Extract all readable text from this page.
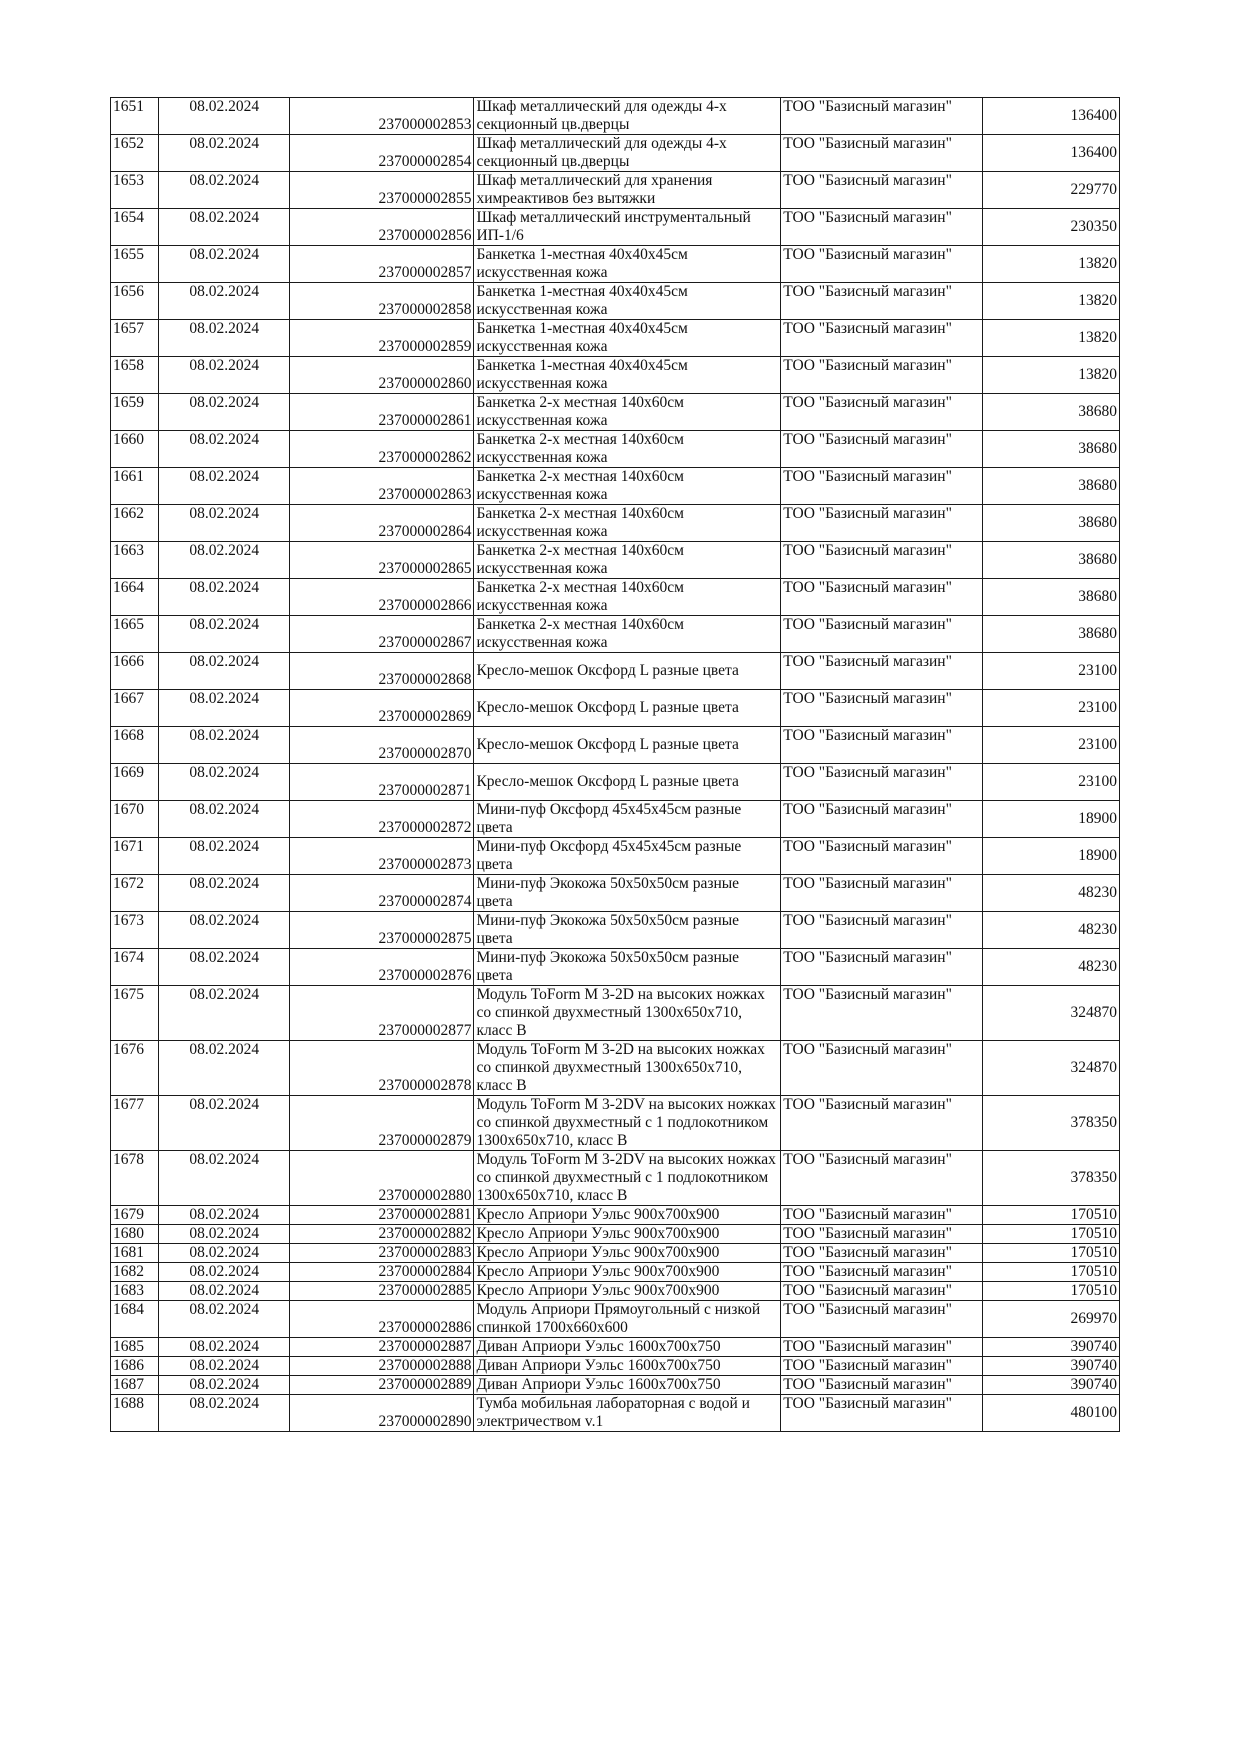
1651	08.02.2024	237000002853	Шкаф металлический для одежды 4-х секционный цв.дверцы	ТОО "Базисный магазин"	136400
1652	08.02.2024	237000002854	Шкаф металлический для одежды 4-х секционный цв.дверцы	ТОО "Базисный магазин"	136400
1653	08.02.2024	237000002855	Шкаф металлический для хранения химреактивов без вытяжки	ТОО "Базисный магазин"	229770
1654	08.02.2024	237000002856	Шкаф металлический инструментальный ИП-1/6	ТОО "Базисный магазин"	230350
1655	08.02.2024	237000002857	Банкетка 1-местная 40х40х45см искусственная кожа	ТОО "Базисный магазин"	13820
1656	08.02.2024	237000002858	Банкетка 1-местная 40х40х45см искусственная кожа	ТОО "Базисный магазин"	13820
1657	08.02.2024	237000002859	Банкетка 1-местная 40х40х45см искусственная кожа	ТОО "Базисный магазин"	13820
1658	08.02.2024	237000002860	Банкетка 1-местная 40х40х45см искусственная кожа	ТОО "Базисный магазин"	13820
1659	08.02.2024	237000002861	Банкетка 2-х местная 140х60см искусственная кожа	ТОО "Базисный магазин"	38680
1660	08.02.2024	237000002862	Банкетка 2-х местная 140х60см искусственная кожа	ТОО "Базисный магазин"	38680
1661	08.02.2024	237000002863	Банкетка 2-х местная 140х60см искусственная кожа	ТОО "Базисный магазин"	38680
1662	08.02.2024	237000002864	Банкетка 2-х местная 140х60см искусственная кожа	ТОО "Базисный магазин"	38680
1663	08.02.2024	237000002865	Банкетка 2-х местная 140х60см искусственная кожа	ТОО "Базисный магазин"	38680
1664	08.02.2024	237000002866	Банкетка 2-х местная 140х60см искусственная кожа	ТОО "Базисный магазин"	38680
1665	08.02.2024	237000002867	Банкетка 2-х местная 140х60см искусственная кожа	ТОО "Базисный магазин"	38680
1666	08.02.2024	237000002868	Кресло-мешок Оксфорд L разные цвета	ТОО "Базисный магазин"	23100
1667	08.02.2024	237000002869	Кресло-мешок Оксфорд L разные цвета	ТОО "Базисный магазин"	23100
1668	08.02.2024	237000002870	Кресло-мешок Оксфорд L разные цвета	ТОО "Базисный магазин"	23100
1669	08.02.2024	237000002871	Кресло-мешок Оксфорд L разные цвета	ТОО "Базисный магазин"	23100
1670	08.02.2024	237000002872	Мини-пуф Оксфорд 45х45х45см разные цвета	ТОО "Базисный магазин"	18900
1671	08.02.2024	237000002873	Мини-пуф Оксфорд 45х45х45см разные цвета	ТОО "Базисный магазин"	18900
1672	08.02.2024	237000002874	Мини-пуф Экокожа 50х50х50см разные цвета	ТОО "Базисный магазин"	48230
1673	08.02.2024	237000002875	Мини-пуф Экокожа 50х50х50см разные цвета	ТОО "Базисный магазин"	48230
1674	08.02.2024	237000002876	Мини-пуф Экокожа 50х50х50см разные цвета	ТОО "Базисный магазин"	48230
1675	08.02.2024	237000002877	Модуль ToForm M 3-2D на высоких ножках со спинкой двухместный 1300х650х710, класс В	ТОО "Базисный магазин"	324870
1676	08.02.2024	237000002878	Модуль ToForm M 3-2D на высоких ножках со спинкой двухместный 1300х650х710, класс В	ТОО "Базисный магазин"	324870
1677	08.02.2024	237000002879	Модуль ToForm M 3-2DV на высоких ножках со спинкой двухместный с 1 подлокотником 1300х650х710, класс В	ТОО "Базисный магазин"	378350
1678	08.02.2024	237000002880	Модуль ToForm M 3-2DV на высоких ножках со спинкой двухместный с 1 подлокотником 1300х650х710, класс В	ТОО "Базисный магазин"	378350
1679	08.02.2024	237000002881	Кресло Априори Уэльс 900х700х900	ТОО "Базисный магазин"	170510
1680	08.02.2024	237000002882	Кресло Априори Уэльс 900х700х900	ТОО "Базисный магазин"	170510
1681	08.02.2024	237000002883	Кресло Априори Уэльс 900х700х900	ТОО "Базисный магазин"	170510
1682	08.02.2024	237000002884	Кресло Априори Уэльс 900х700х900	ТОО "Базисный магазин"	170510
1683	08.02.2024	237000002885	Кресло Априори Уэльс 900х700х900	ТОО "Базисный магазин"	170510
1684	08.02.2024	237000002886	Модуль Априори Прямоугольный с низкой спинкой 1700х660х600	ТОО "Базисный магазин"	269970
1685	08.02.2024	237000002887	Диван Априори Уэльс 1600х700х750	ТОО "Базисный магазин"	390740
1686	08.02.2024	237000002888	Диван Априори Уэльс 1600х700х750	ТОО "Базисный магазин"	390740
1687	08.02.2024	237000002889	Диван Априори Уэльс 1600х700х750	ТОО "Базисный магазин"	390740
1688	08.02.2024	237000002890	Тумба мобильная лабораторная с водой и электричеством v.1	ТОО "Базисный магазин"	480100
